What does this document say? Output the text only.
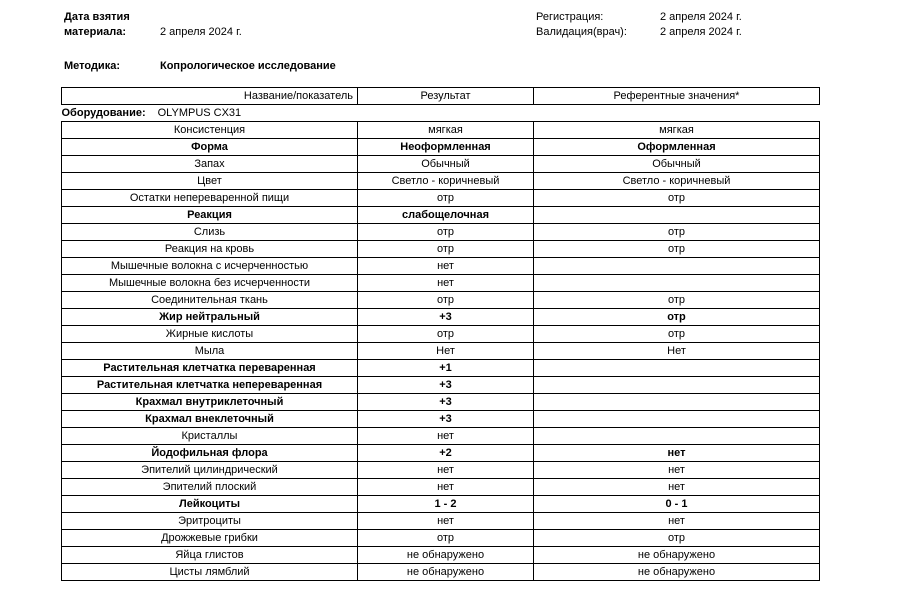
Дата взятия
материала:	2 апреля 2024 г.
Регистрация:	2 апреля 2024 г.
Валидация(врач):	2 апреля 2024 г.
Методика:	Копрологическое исследование
Название/показатель	Результат	Референтные значения*
Оборудование: OLYMPUS CX31		
Консистенция	мягкая	мягкая
Форма	Неоформленная	Оформленная
Запах	Обычный	Обычный
Цвет	Светло - коричневый	Светло - коричневый
Остатки непереваренной пищи	отр	отр
Реакция	слабощелочная	
Слизь	отр	отр
Реакция на кровь	отр	отр
Мышечные волокна с исчерченностью	нет	
Мышечные волокна без исчерченности	нет	
Соединительная ткань	отр	отр
Жир нейтральный	+3	отр
Жирные кислоты	отр	отр
Мыла	Нет	Нет
Растительная клетчатка переваренная	+1	
Растительная клетчатка непереваренная	+3	
Крахмал внутриклеточный	+3	
Крахмал внеклеточный	+3	
Кристаллы	нет	
Йодофильная флора	+2	нет
Эпителий цилиндрический	нет	нет
Эпителий плоский	нет	нет
Лейкоциты	1 - 2	0 - 1
Эритроциты	нет	нет
Дрожжевые грибки	отр	отр
Яйца глистов	не обнаружено	не обнаружено
Цисты лямблий	не обнаружено	не обнаружено
